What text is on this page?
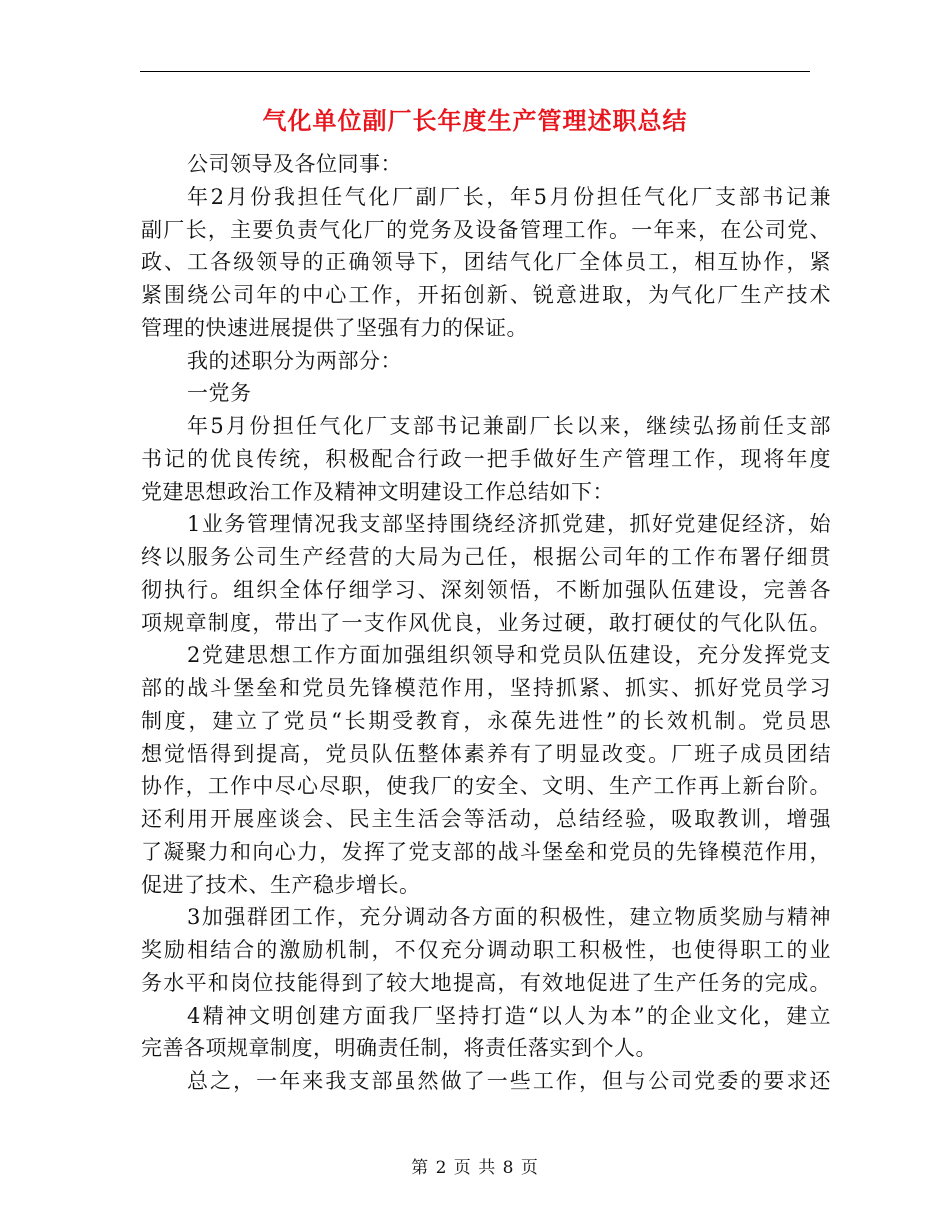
气化单位副厂长年度生产管理述职总结
公司领导及各位同事：
年2月份我担任气化厂副厂长，年5月份担任气化厂支部书记兼
副厂长，主要负责气化厂的党务及设备管理工作。一年来，在公司党、
政、工各级领导的正确领导下，团结气化厂全体员工，相互协作，紧
紧围绕公司年的中心工作，开拓创新、锐意进取，为气化厂生产技术
管理的快速进展提供了坚强有力的保证。
我的述职分为两部分：
一党务
年5月份担任气化厂支部书记兼副厂长以来，继续弘扬前任支部
书记的优良传统，积极配合行政一把手做好生产管理工作，现将年度
党建思想政治工作及精神文明建设工作总结如下：
1业务管理情况我支部坚持围绕经济抓党建，抓好党建促经济，始
终以服务公司生产经营的大局为己任，根据公司年的工作布署仔细贯
彻执行。组织全体仔细学习、深刻领悟，不断加强队伍建设，完善各
项规章制度，带出了一支作风优良，业务过硬，敢打硬仗的气化队伍。
2党建思想工作方面加强组织领导和党员队伍建设，充分发挥党支
部的战斗堡垒和党员先锋模范作用，坚持抓紧、抓实、抓好党员学习
制度，建立了党员“长期受教育，永葆先进性”的长效机制。党员思
想觉悟得到提高，党员队伍整体素养有了明显改变。厂班子成员团结
协作，工作中尽心尽职，使我厂的安全、文明、生产工作再上新台阶。
还利用开展座谈会、民主生活会等活动，总结经验，吸取教训，增强
了凝聚力和向心力，发挥了党支部的战斗堡垒和党员的先锋模范作用，
促进了技术、生产稳步增长。
3加强群团工作，充分调动各方面的积极性，建立物质奖励与精神
奖励相结合的激励机制，不仅充分调动职工积极性，也使得职工的业
务水平和岗位技能得到了较大地提高，有效地促进了生产任务的完成。
4精神文明创建方面我厂坚持打造“以人为本”的企业文化，建立
完善各项规章制度，明确责任制，将责任落实到个人。
总之，一年来我支部虽然做了一些工作，但与公司党委的要求还
第 2 页 共 8 页
